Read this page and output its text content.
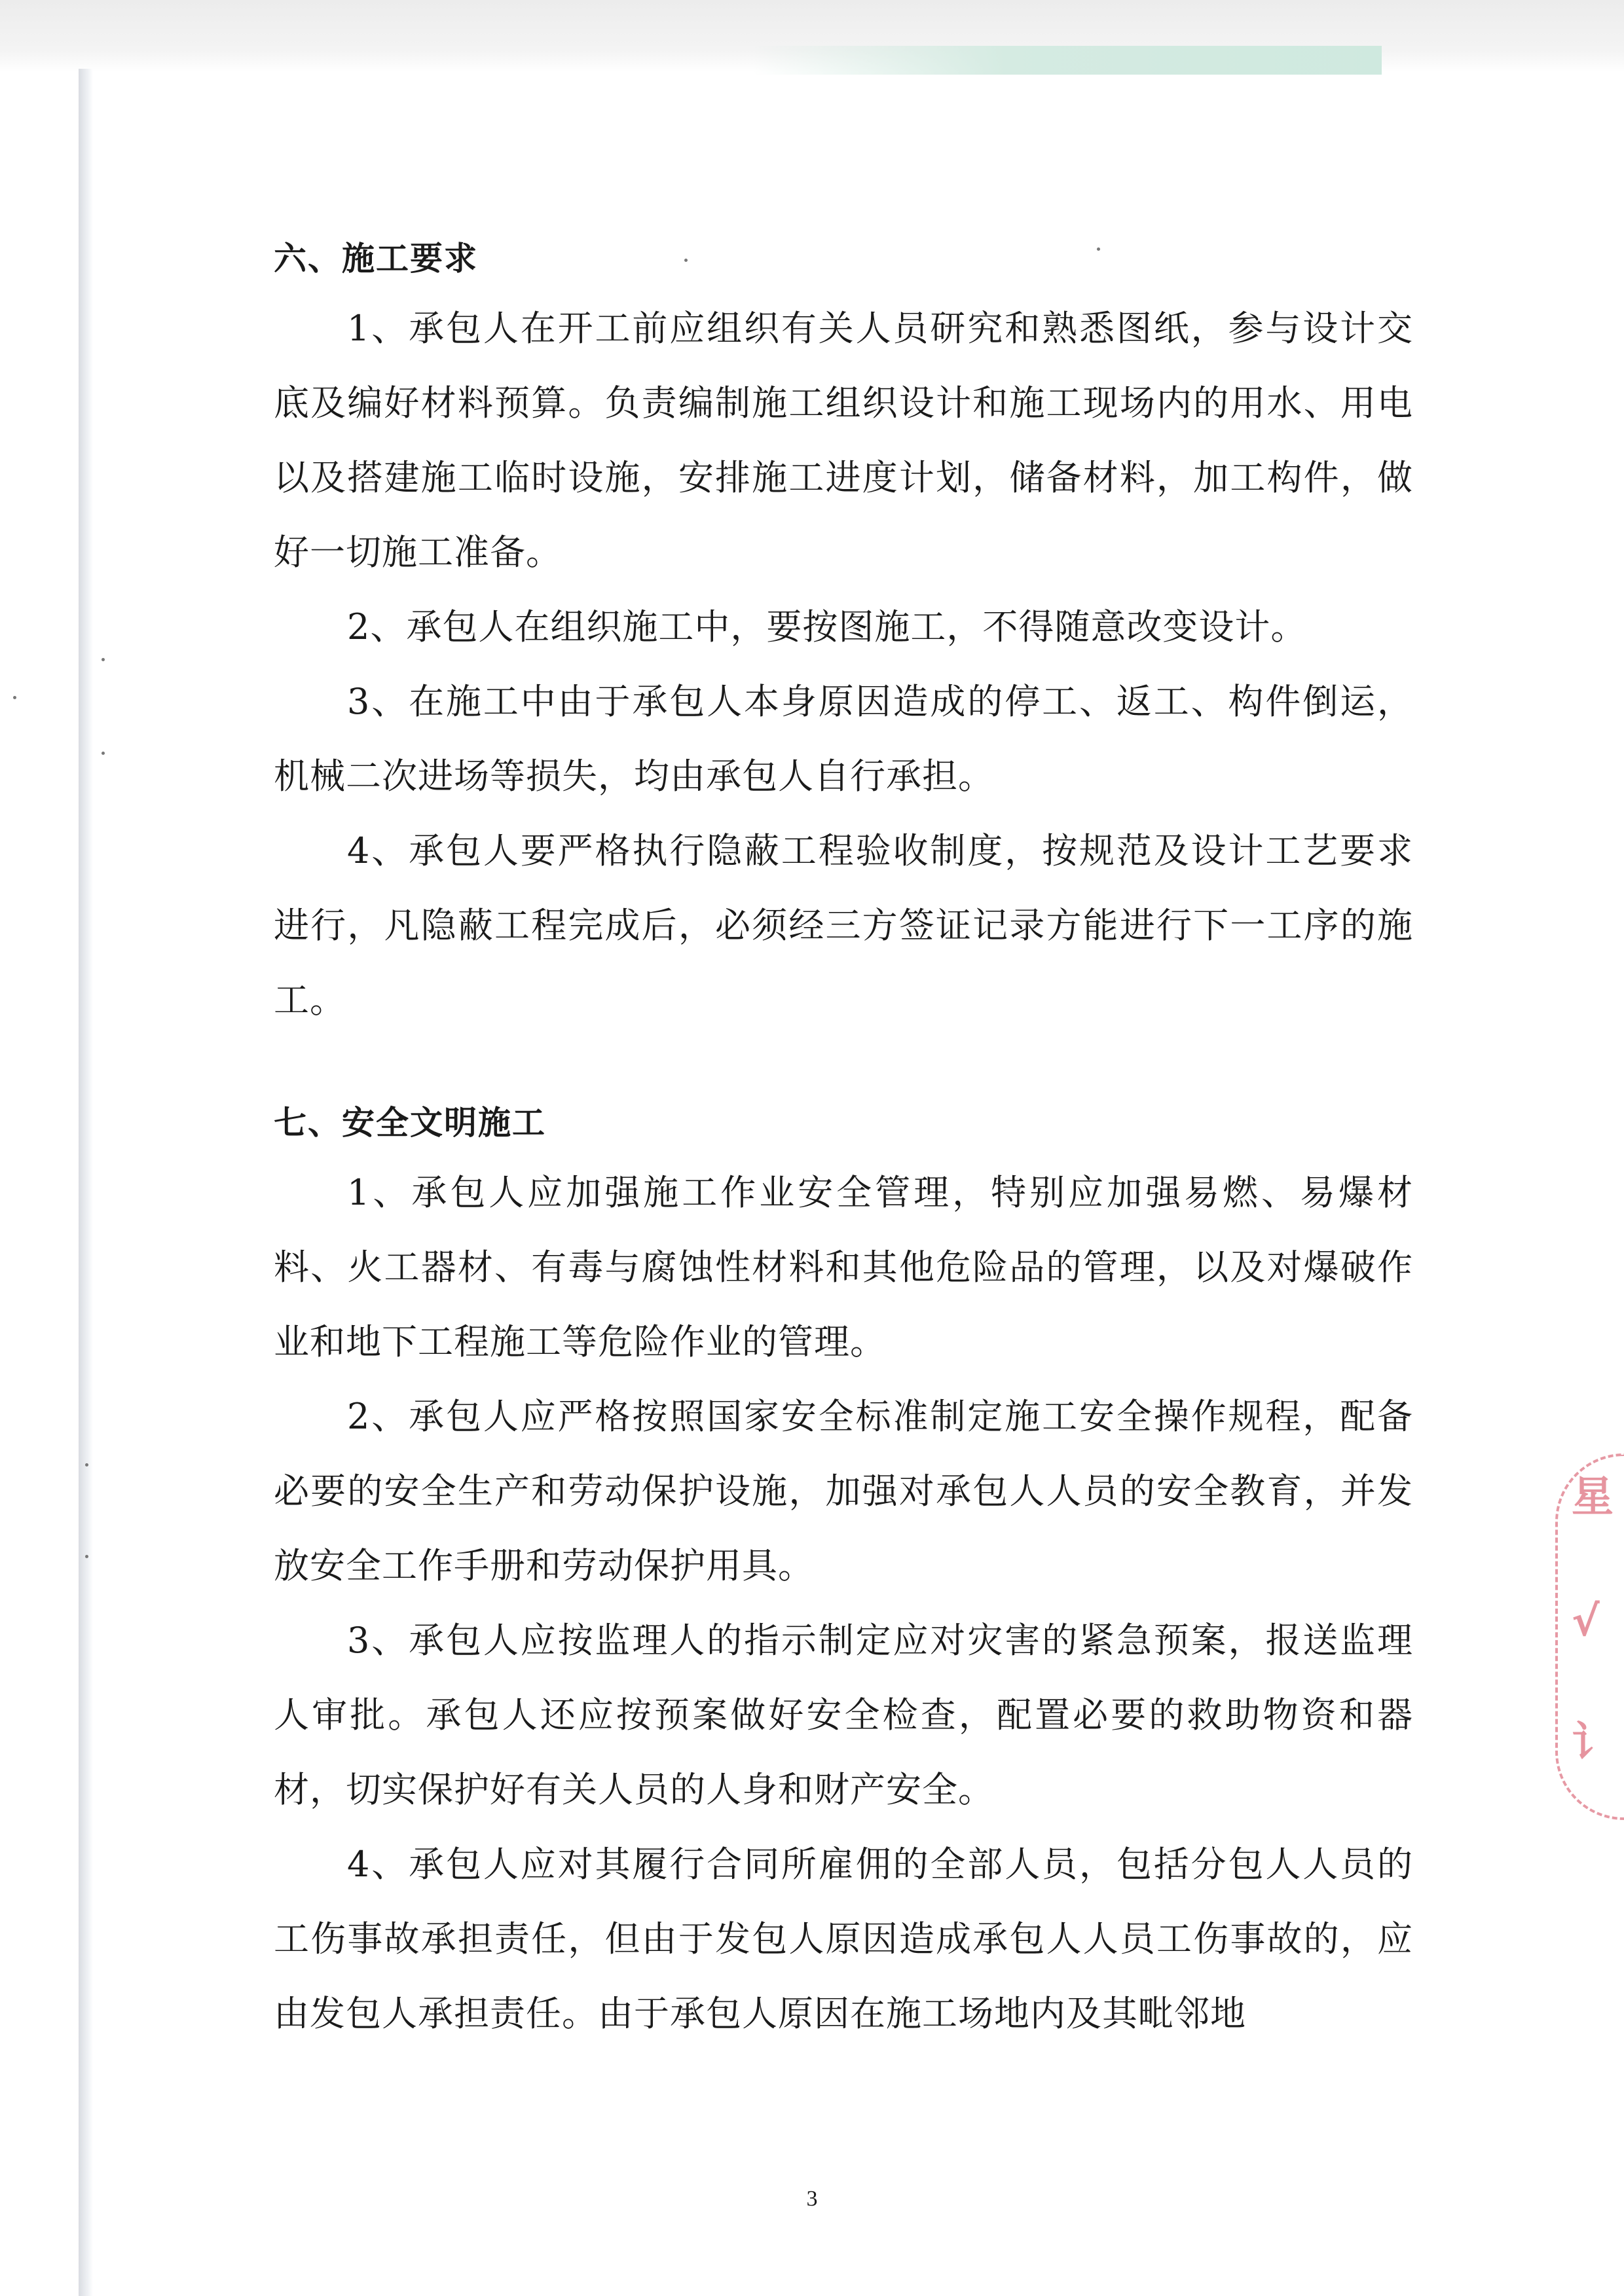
六、施工要求

1、承包人在开工前应组织有关人员研究和熟悉图纸，参与设计交底及编好材料预算。负责编制施工组织设计和施工现场内的用水、用电以及搭建施工临时设施，安排施工进度计划，储备材料，加工构件，做好一切施工准备。

2、承包人在组织施工中，要按图施工，不得随意改变设计。

3、在施工中由于承包人本身原因造成的停工、返工、构件倒运，机械二次进场等损失，均由承包人自行承担。

4、承包人要严格执行隐蔽工程验收制度，按规范及设计工艺要求进行，凡隐蔽工程完成后，必须经三方签证记录方能进行下一工序的施工。

七、安全文明施工

1、承包人应加强施工作业安全管理，特别应加强易燃、易爆材料、火工器材、有毒与腐蚀性材料和其他危险品的管理，以及对爆破作业和地下工程施工等危险作业的管理。

2、承包人应严格按照国家安全标准制定施工安全操作规程，配备必要的安全生产和劳动保护设施，加强对承包人人员的安全教育，并发放安全工作手册和劳动保护用具。

3、承包人应按监理人的指示制定应对灾害的紧急预案，报送监理人审批。承包人还应按预案做好安全检查，配置必要的救助物资和器材，切实保护好有关人员的人身和财产安全。

4、承包人应对其履行合同所雇佣的全部人员，包括分包人人员的工伤事故承担责任，但由于发包人原因造成承包人人员工伤事故的，应由发包人承担责任。由于承包人原因在施工场地内及其毗邻地

星
√
讠
3
